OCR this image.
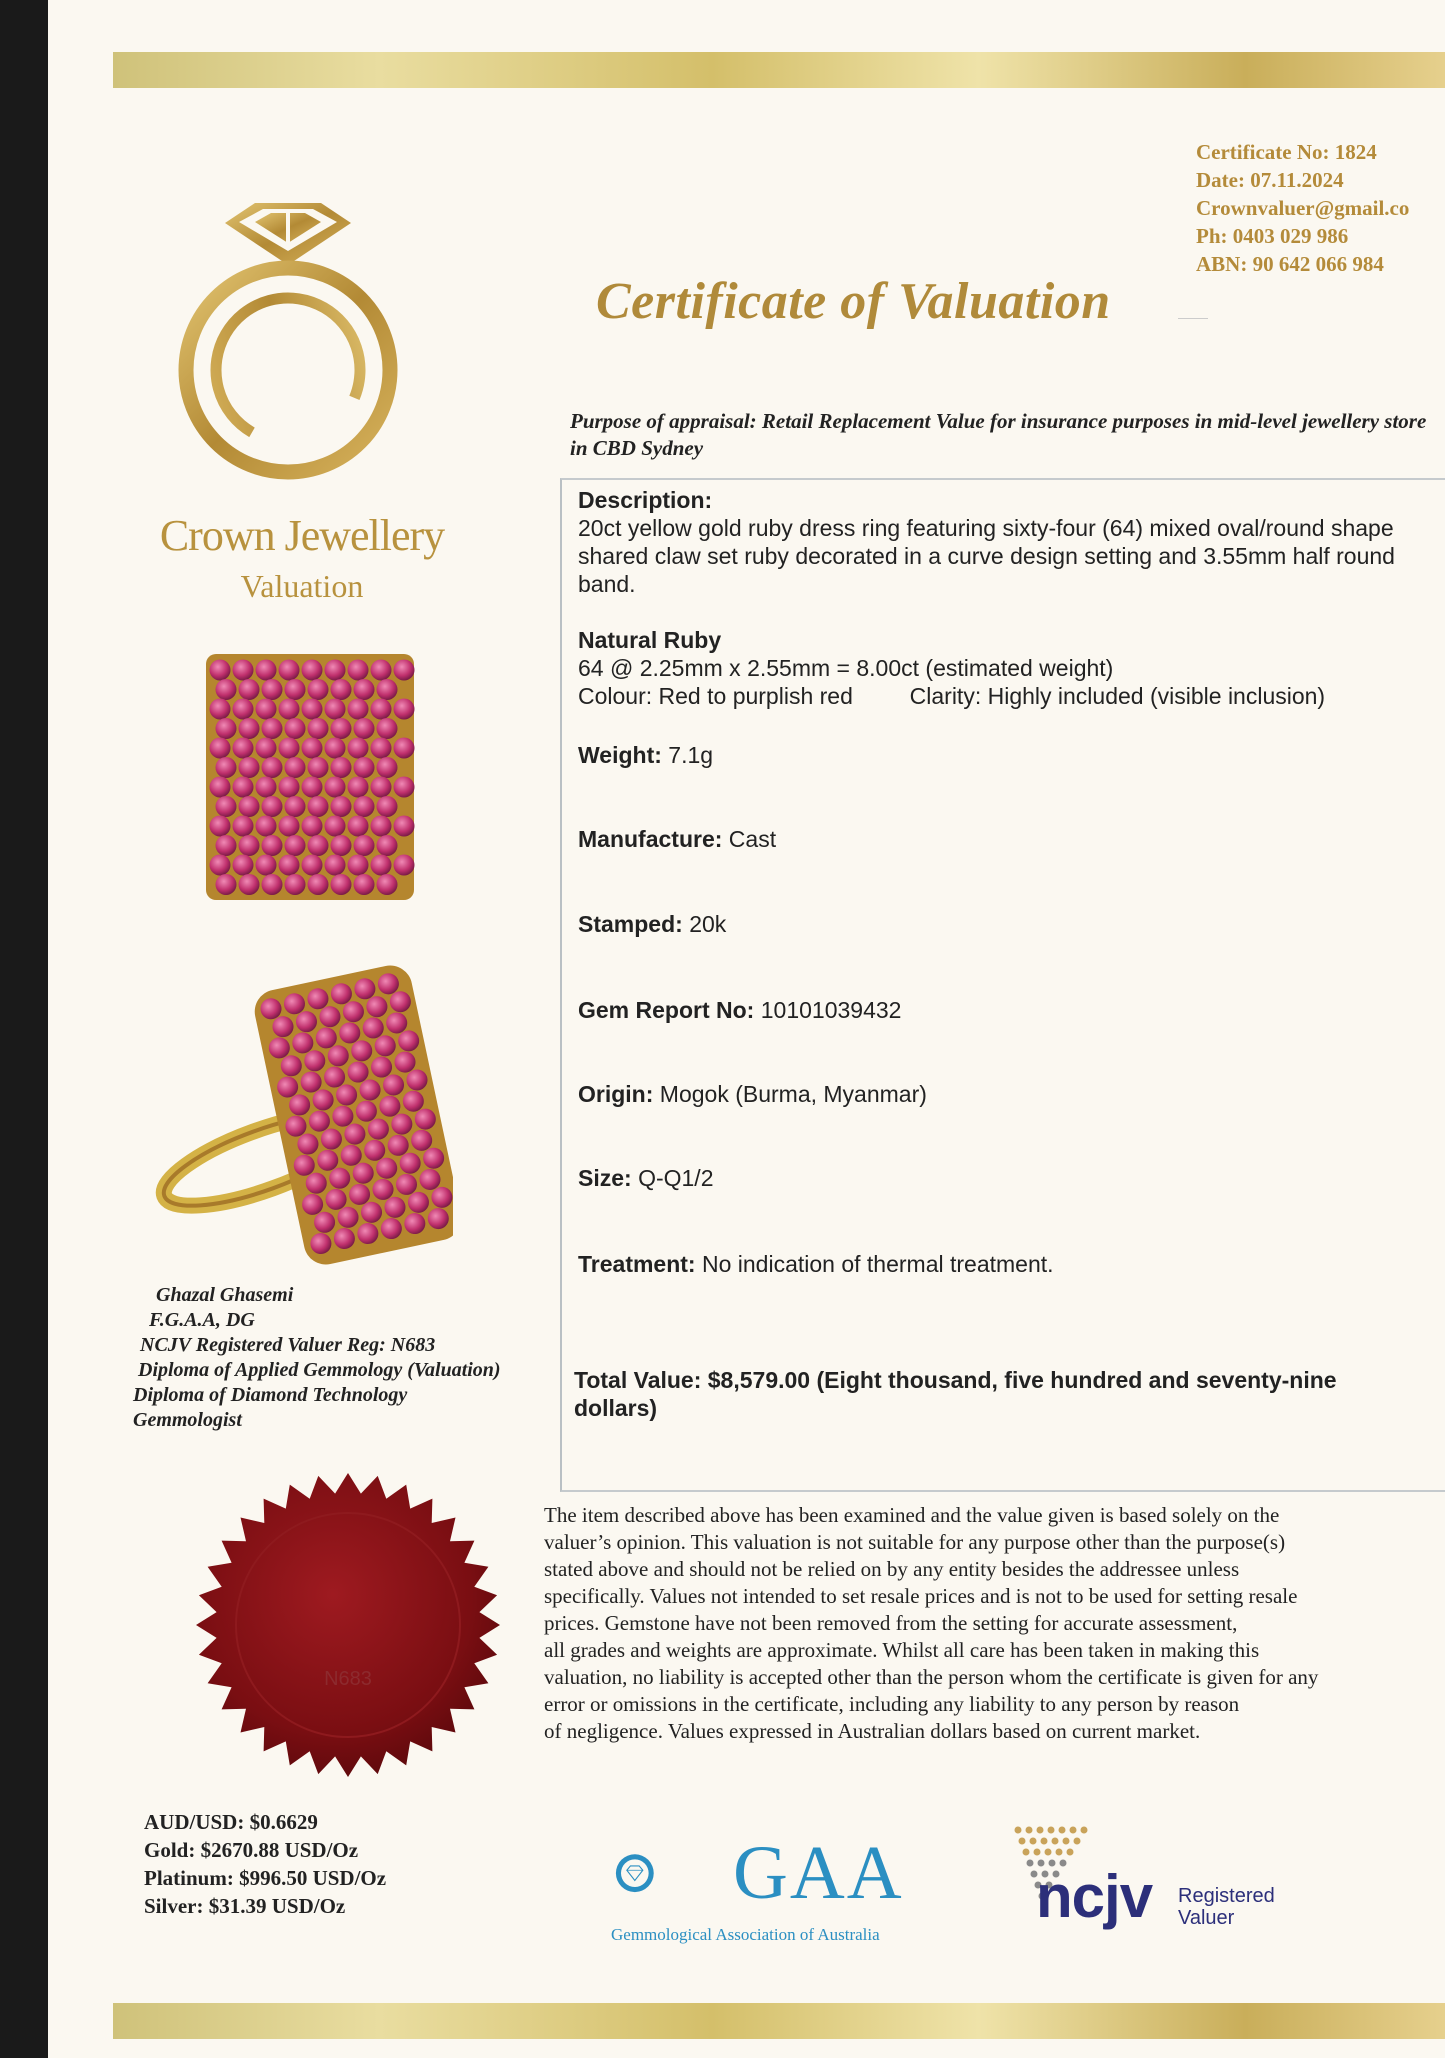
Certificate No: 1824
Date: 07.11.2024
Crownvaluer@gmail.co
Ph: 0403 029 986
ABN: 90 642 066 984
Certificate of Valuation
Crown Jewellery
Valuation
Purpose of appraisal: Retail Replacement Value for insurance purposes in mid-level jewellery store in CBD Sydney
Description:
20ct yellow gold ruby dress ring featuring sixty-four (64) mixed oval/round shape shared claw set ruby decorated in a curve design setting and 3.55mm half round band.
Natural Ruby
64 @ 2.25mm x 2.55mm = 8.00ct (estimated weight)
Colour: Red to purplish red Clarity: Highly included (visible inclusion)
Weight: 7.1g
Manufacture: Cast
Stamped: 20k
Gem Report No: 10101039432
Origin: Mogok (Burma, Myanmar)
Size: Q-Q1/2
Treatment: No indication of thermal treatment.
Total Value: $8,579.00 (Eight thousand, five hundred and seventy-nine
dollars)
Ghazal Ghasemi
F.G.A.A, DG
NCJV Registered Valuer Reg: N683
Diploma of Applied Gemmology (Valuation)
Diploma of Diamond Technology
Gemmologist
N683
The item described above has been examined and the value given is based solely on the
valuer’s opinion. This valuation is not suitable for any purpose other than the purpose(s)
stated above and should not be relied on by any entity besides the addressee unless
specifically. Values not intended to set resale prices and is not to be used for setting resale
prices. Gemstone have not been removed from the setting for accurate assessment,
all grades and weights are approximate. Whilst all care has been taken in making this
valuation, no liability is accepted other than the person whom the certificate is given for any
error or omissions in the certificate, including any liability to any person by reason
of negligence. Values expressed in Australian dollars based on current market.
AUD/USD: $0.6629
Gold: $2670.88 USD/Oz
Platinum: $996.50 USD/Oz
Silver: $31.39 USD/Oz	GAA
Gemmological Association of Australia
ncjv Registered
Valuer
